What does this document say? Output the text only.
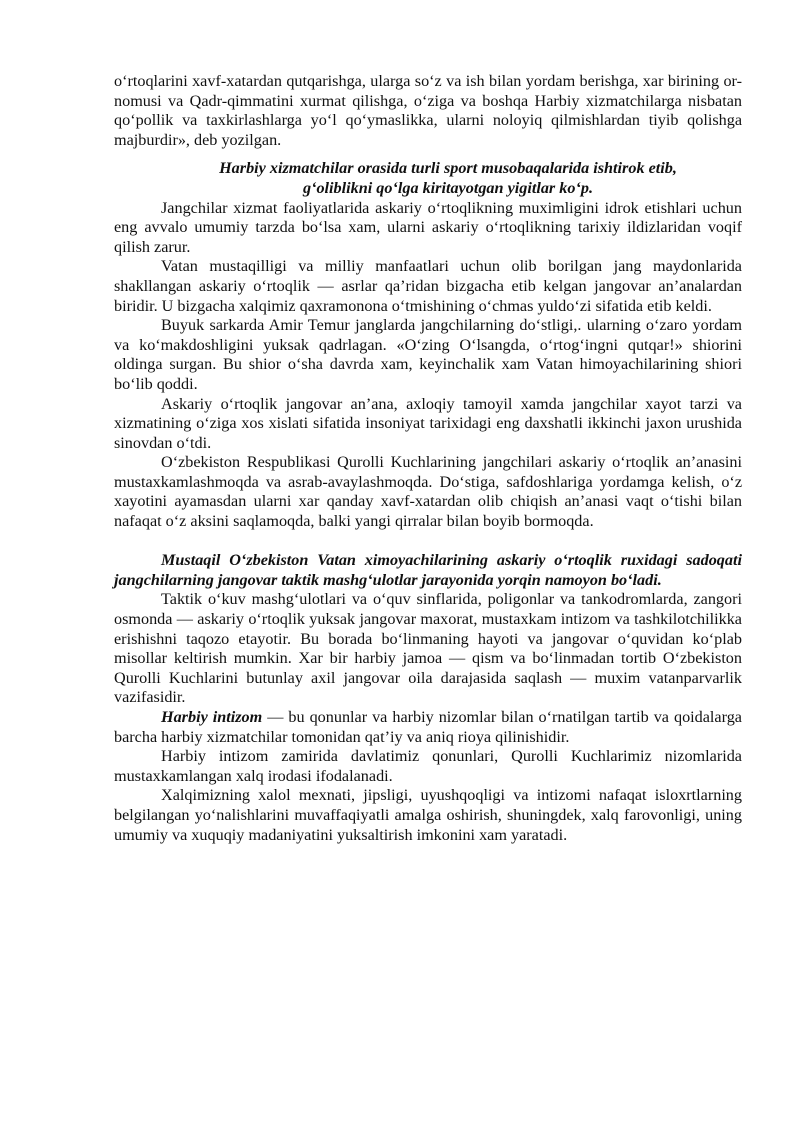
o‘rtoqlarini xavf-xatardan qutqarishga, ularga so‘z va ish bilan yordam berishga, xar birining or-nomusi va Qadr-qimmatini xurmat qilishga, o‘ziga va boshqa Harbiy xizmatchilarga nisbatan qo‘pollik va taxkirlashlarga yo‘l qo‘ymaslikka, ularni noloyiq qilmishlardan tiyib qolishga majburdir», deb yozilgan.

Harbiy xizmatchilar orasida turli sport musobaqalarida ishtirok etib,
g‘oliblikni qo‘lga kiritayotgan yigitlar ko‘p.

Jangchilar xizmat faoliyatlarida askariy o‘rtoqlikning muximligini idrok etishlari uchun eng avvalo umumiy tarzda bo‘lsa xam, ularni askariy o‘rtoqlikning tarixiy ildizlaridan voqif qilish zarur.

Vatan mustaqilligi va milliy manfaatlari uchun olib borilgan jang maydonlarida shakllangan askariy o‘rtoqlik — asrlar qa’ridan bizgacha etib kelgan jangovar an’analardan biridir. U bizgacha xalqimiz qaxramonona o‘tmishining o‘chmas yuldo‘zi sifatida etib keldi.

Buyuk sarkarda Amir Temur janglarda jangchilarning do‘stligi,. ularning o‘zaro yordam va ko‘makdoshligini yuksak qadrlagan. «O‘zing O‘lsangda, o‘rtog‘ingni qutqar!» shiorini oldinga surgan. Bu shior o‘sha davrda xam, keyinchalik xam Vatan himoyachilarining shiori bo‘lib qoddi.

Askariy o‘rtoqlik jangovar an’ana, axloqiy tamoyil xamda jangchilar xayot tarzi va xizmatining o‘ziga xos xislati sifatida insoniyat tarixidagi eng daxshatli ikkinchi jaxon urushida sinovdan o‘tdi.

O‘zbekiston Respublikasi Qurolli Kuchlarining jangchilari askariy o‘rtoqlik an’anasini mustaxkamlashmoqda va asrab-avaylashmoqda. Do‘stiga, safdoshlariga yordamga kelish, o‘z xayotini ayamasdan ularni xar qanday xavf-xatardan olib chiqish an’anasi vaqt o‘tishi bilan nafaqat o‘z aksini saqlamoqda, balki yangi qirralar bilan boyib bormoqda.

Mustaqil O‘zbekiston Vatan ximoyachilarining askariy o‘rtoqlik ruxidagi sadoqati jangchilarning jangovar taktik mashg‘ulotlar jarayonida yorqin namoyon bo‘ladi.

Taktik o‘kuv mashg‘ulotlari va o‘quv sinflarida, poligonlar va tankodromlarda, zangori osmonda — askariy o‘rtoqlik yuksak jangovar maxorat, mustaxkam intizom va tashkilotchilikka erishishni taqozo etayotir. Bu borada bo‘linmaning hayoti va jangovar o‘quvidan ko‘plab misollar keltirish mumkin. Xar bir harbiy jamoa — qism va bo‘linmadan tortib O‘zbekiston Qurolli Kuchlarini butunlay axil jangovar oila darajasida saqlash — muxim vatanparvarlik vazifasidir.

Harbiy intizom — bu qonunlar va harbiy nizomlar bilan o‘rnatilgan tartib va qoidalarga barcha harbiy xizmatchilar tomonidan qat’iy va aniq rioya qilinishidir.

Harbiy intizom zamirida davlatimiz qonunlari, Qurolli Kuchlarimiz nizomlarida mustaxkamlangan xalq irodasi ifodalanadi.

Xalqimizning xalol mexnati, jipsligi, uyushqoqligi va intizomi nafaqat isloxrtlarning belgilangan yo‘nalishlarini muvaffaqiyatli amalga oshirish, shuningdek, xalq farovonligi, uning umumiy va xuquqiy madaniyatini yuksaltirish imkonini xam yaratadi.
